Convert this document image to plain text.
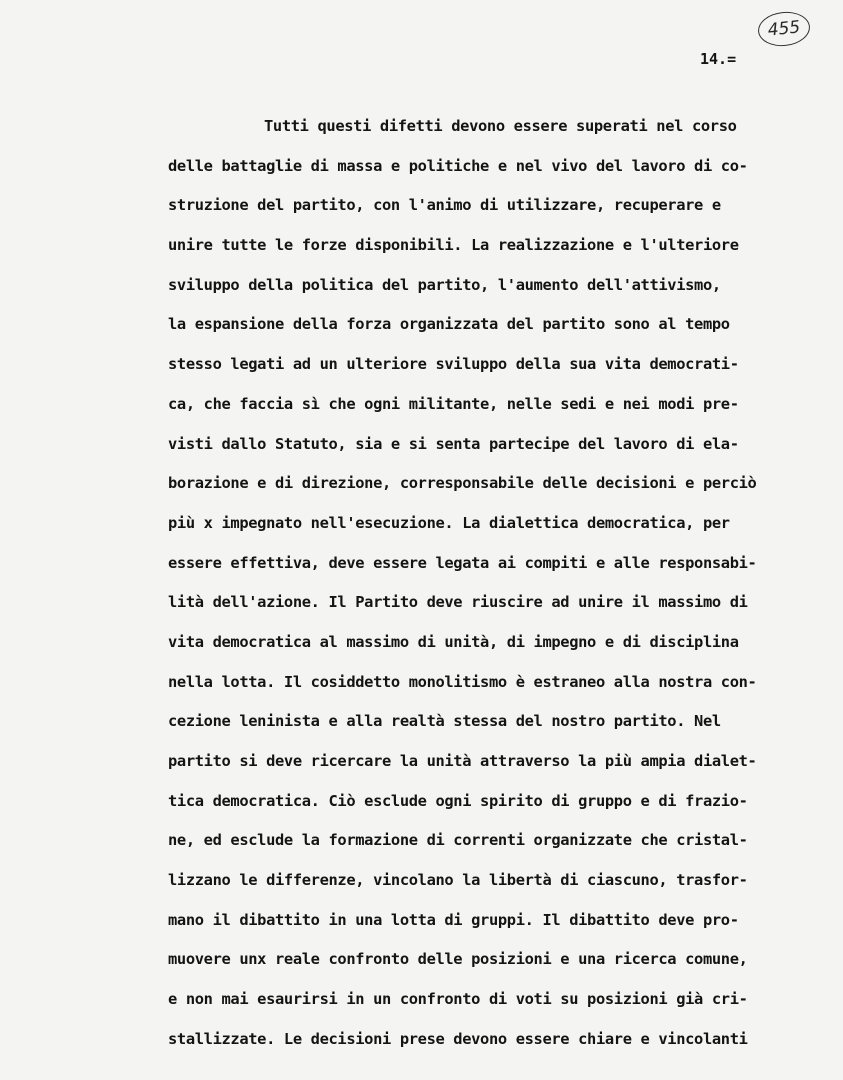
455
14.=
Tutti questi difetti devono essere superati nel corso
delle battaglie di massa e politiche e nel vivo del lavoro di co-
struzione del partito, con l'animo di utilizzare, recuperare e
unire tutte le forze disponibili. La realizzazione e l'ulteriore
sviluppo della politica del partito, l'aumento dell'attivismo,
la espansione della forza organizzata del partito sono al tempo
stesso legati ad un ulteriore sviluppo della sua vita democrati-
ca, che faccia sì che ogni militante, nelle sedi e nei modi pre-
visti dallo Statuto, sia e si senta partecipe del lavoro di ela-
borazione e di direzione, corresponsabile delle decisioni e perciò
più x impegnato nell'esecuzione. La dialettica democratica, per
essere effettiva, deve essere legata ai compiti e alle responsabi-
lità dell'azione. Il Partito deve riuscire ad unire il massimo di
vita democratica al massimo di unità, di impegno e di disciplina
nella lotta. Il cosiddetto monolitismo è estraneo alla nostra con-
cezione leninista e alla realtà stessa del nostro partito. Nel
partito si deve ricercare la unità attraverso la più ampia dialet-
tica democratica. Ciò esclude ogni spirito di gruppo e di frazio-
ne, ed esclude la formazione di correnti organizzate che cristal-
lizzano le differenze, vincolano la libertà di ciascuno, trasfor-
mano il dibattito in una lotta di gruppi. Il dibattito deve pro-
muovere unx reale confronto delle posizioni e una ricerca comune,
e non mai esaurirsi in un confronto di voti su posizioni già cri-
stallizzate. Le decisioni prese devono essere chiare e vincolanti
